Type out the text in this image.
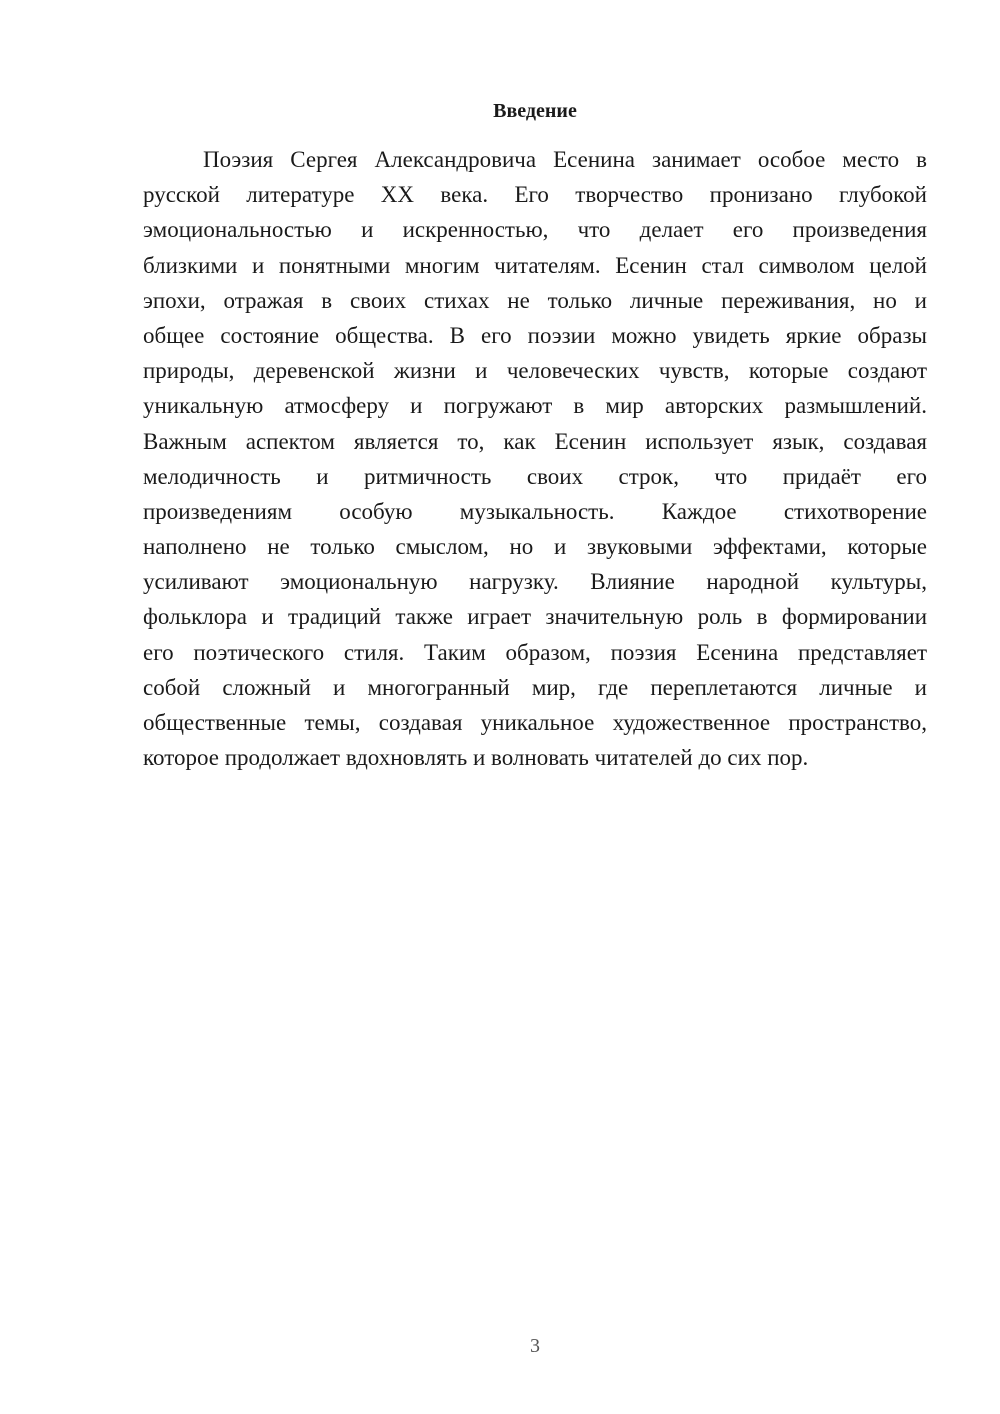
Введение
Поэзия Сергея Александровича Есенина занимает особое место в
русской литературе XX века. Его творчество пронизано глубокой
эмоциональностью и искренностью, что делает его произведения
близкими и понятными многим читателям. Есенин стал символом целой
эпохи, отражая в своих стихах не только личные переживания, но и
общее состояние общества. В его поэзии можно увидеть яркие образы
природы, деревенской жизни и человеческих чувств, которые создают
уникальную атмосферу и погружают в мир авторских размышлений.
Важным аспектом является то, как Есенин использует язык, создавая
мелодичность и ритмичность своих строк, что придаёт его
произведениям особую музыкальность. Каждое стихотворение
наполнено не только смыслом, но и звуковыми эффектами, которые
усиливают эмоциональную нагрузку. Влияние народной культуры,
фольклора и традиций также играет значительную роль в формировании
его поэтического стиля. Таким образом, поэзия Есенина представляет
собой сложный и многогранный мир, где переплетаются личные и
общественные темы, создавая уникальное художественное пространство,
которое продолжает вдохновлять и волновать читателей до сих пор.
3
